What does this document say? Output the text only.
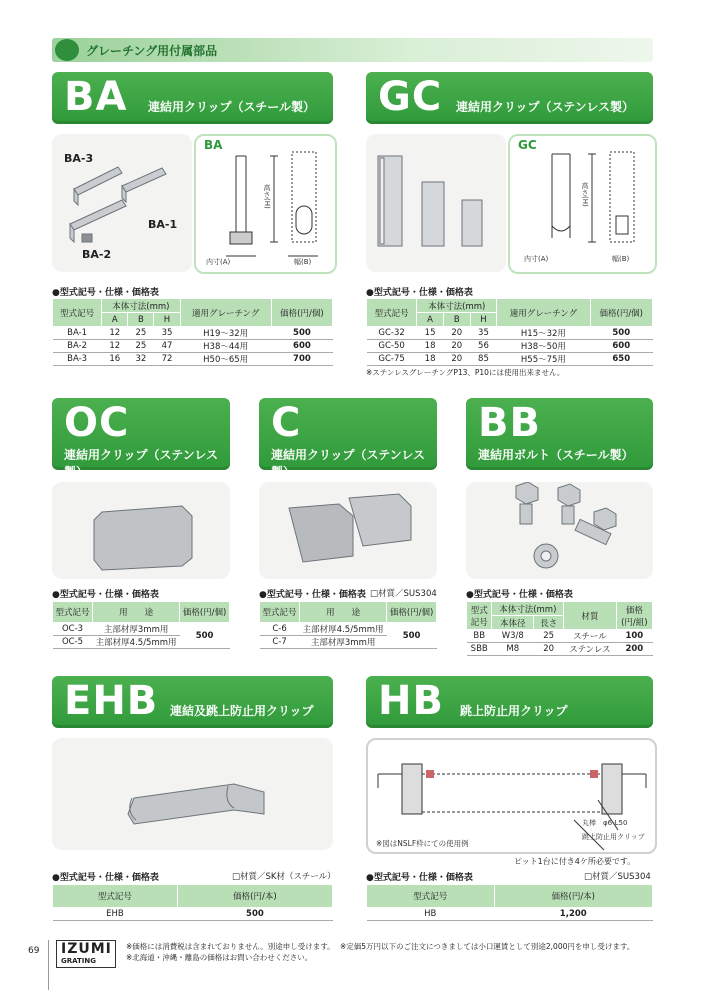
グレーチング用付属部品
BA 連結用クリップ（スチール製） GC 連結用クリップ（ステンレス製）
BA-3
BA-1
BA-2
BA
高さ(H)
内寸(A)	幅(B)
GC
高さ(H)
内寸(A)	幅(B)
●型式記号・仕様・価格表
型式記号	本体寸法(mm)			適用グレーチング	価格(円/個)
	A	B	H		
BA-1	12	25	35	H19〜32用	500
BA-2	12	25	47	H38〜44用	600
BA-3	16	32	72	H50〜65用	700
●型式記号・仕様・価格表
型式記号	本体寸法(mm)			適用グレーチング	価格(円/個)
	A	B	H		
GC-32	15	20	35	H15〜32用	500
GC-50	18	20	56	H38〜50用	600
GC-75	18	20	85	H55〜75用	650
※ステンレスグレーチングP13、P10には使用出来ません。
OC
連結用クリップ（ステンレス製）
C
連結用クリップ（ステンレス製）
BB
連結用ボルト（スチール製）
●型式記号・仕様・価格表
型式記号	用　　途	価格(円/個)
OC-3	主部材厚3mm用	500
OC-5	主部材厚4.5/5mm用	
●型式記号・仕様・価格表 □材質／SUS304
型式記号	用　　途	価格(円/個)
C-6	主部材厚4.5/5mm用	500
C-7	主部材厚3mm用	
●型式記号・仕様・価格表
型式
記号	本体寸法(mm)		材質	価格
(円/組)
	本体径	長さ		
BB	W3/8	25	スチール	100
SBB	M8	20	ステンレス	200
EHB 連結及跳上防止用クリップ HB 跳上防止用クリップ
丸棒　φ6-L50
跳上防止用クリップ
※図はNSLF枠にての使用例
ピット1台に付き4ケ所必要です。
●型式記号・仕様・価格表	□材質／SK材（スチール）
型式記号	価格(円/本)
EHB	500
●型式記号・仕様・価格表	□材質／SUS304
型式記号	価格(円/本)
HB	1,200
69 IZUMI
GRATING
※価格には消費税は含まれておりません。別途申し受けます。
※北海道・沖縄・離島の価格はお問い合わせください。
※定価5万円以下のご注文につきましては小口運賃として別途2,000円を申し受けます。
